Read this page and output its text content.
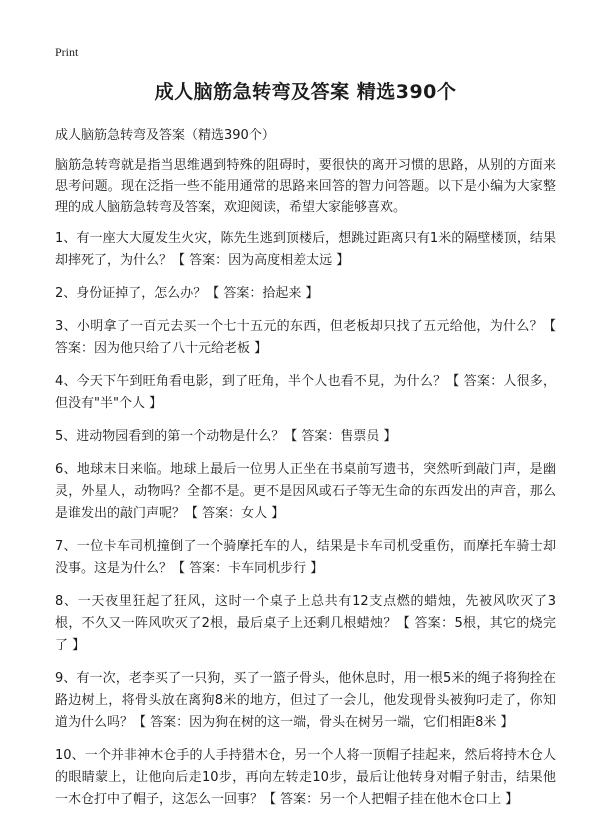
Print
成人脑筋急转弯及答案 精选390个
成人脑筋急转弯及答案（精选390个）
脑筋急转弯就是指当思维遇到特殊的阻碍时，要很快的离开习惯的思路，从别的方面来思考问题。现在泛指一些不能用通常的思路来回答的智力问答题。以下是小编为大家整理的成人脑筋急转弯及答案，欢迎阅读，希望大家能够喜欢。
1、有一座大大厦发生火灾，陈先生逃到顶楼后，想跳过距离只有1米的隔壁楼顶，结果却摔死了，为什么？【 答案：因为高度相差太远 】
2、身份证掉了，怎么办？【 答案：拾起来 】
3、小明拿了一百元去买一个七十五元的东西，但老板却只找了五元给他，为什么？【 答案：因为他只给了八十元给老板 】
4、今天下午到旺角看电影，到了旺角，半个人也看不見，为什么？【 答案：人很多，但没有"半"个人 】
5、进动物园看到的第一个动物是什么？【 答案：售票员 】
6、地球末日来临。地球上最后一位男人正坐在书桌前写遗书，突然听到敲门声，是幽灵，外星人，动物吗？全都不是。更不是因风或石子等无生命的东西发出的声音，那么是谁发出的敲门声呢？【 答案：女人 】
7、一位卡车司机撞倒了一个骑摩托车的人，结果是卡车司机受重伤，而摩托车骑士却没事。这是为什么？【 答案：卡车同机步行 】
8、一天夜里狂起了狂风，这时一个桌子上总共有12支点燃的蜡烛，先被风吹灭了3根，不久又一阵风吹灭了2根，最后桌子上还剩几根蜡烛？【 答案：5根，其它的烧完了 】
9、有一次，老李买了一只狗，买了一篮子骨头，他休息时，用一根5米的绳子将狗拴在路边树上，将骨头放在离狗8米的地方，但过了一会儿，他发现骨头被狗叼走了，你知道为什么吗？【 答案：因为狗在树的这一端，骨头在树另一端，它们相距8米 】
10、一个并非神木仓手的人手持猎木仓，另一个人将一顶帽子挂起来，然后将持木仓人的眼睛蒙上，让他向后走10步，再向左转走10步，最后让他转身对帽子射击，结果他一木仓打中了帽子，这怎么一回事？【 答案：另一个人把帽子挂在他木仓口上 】
